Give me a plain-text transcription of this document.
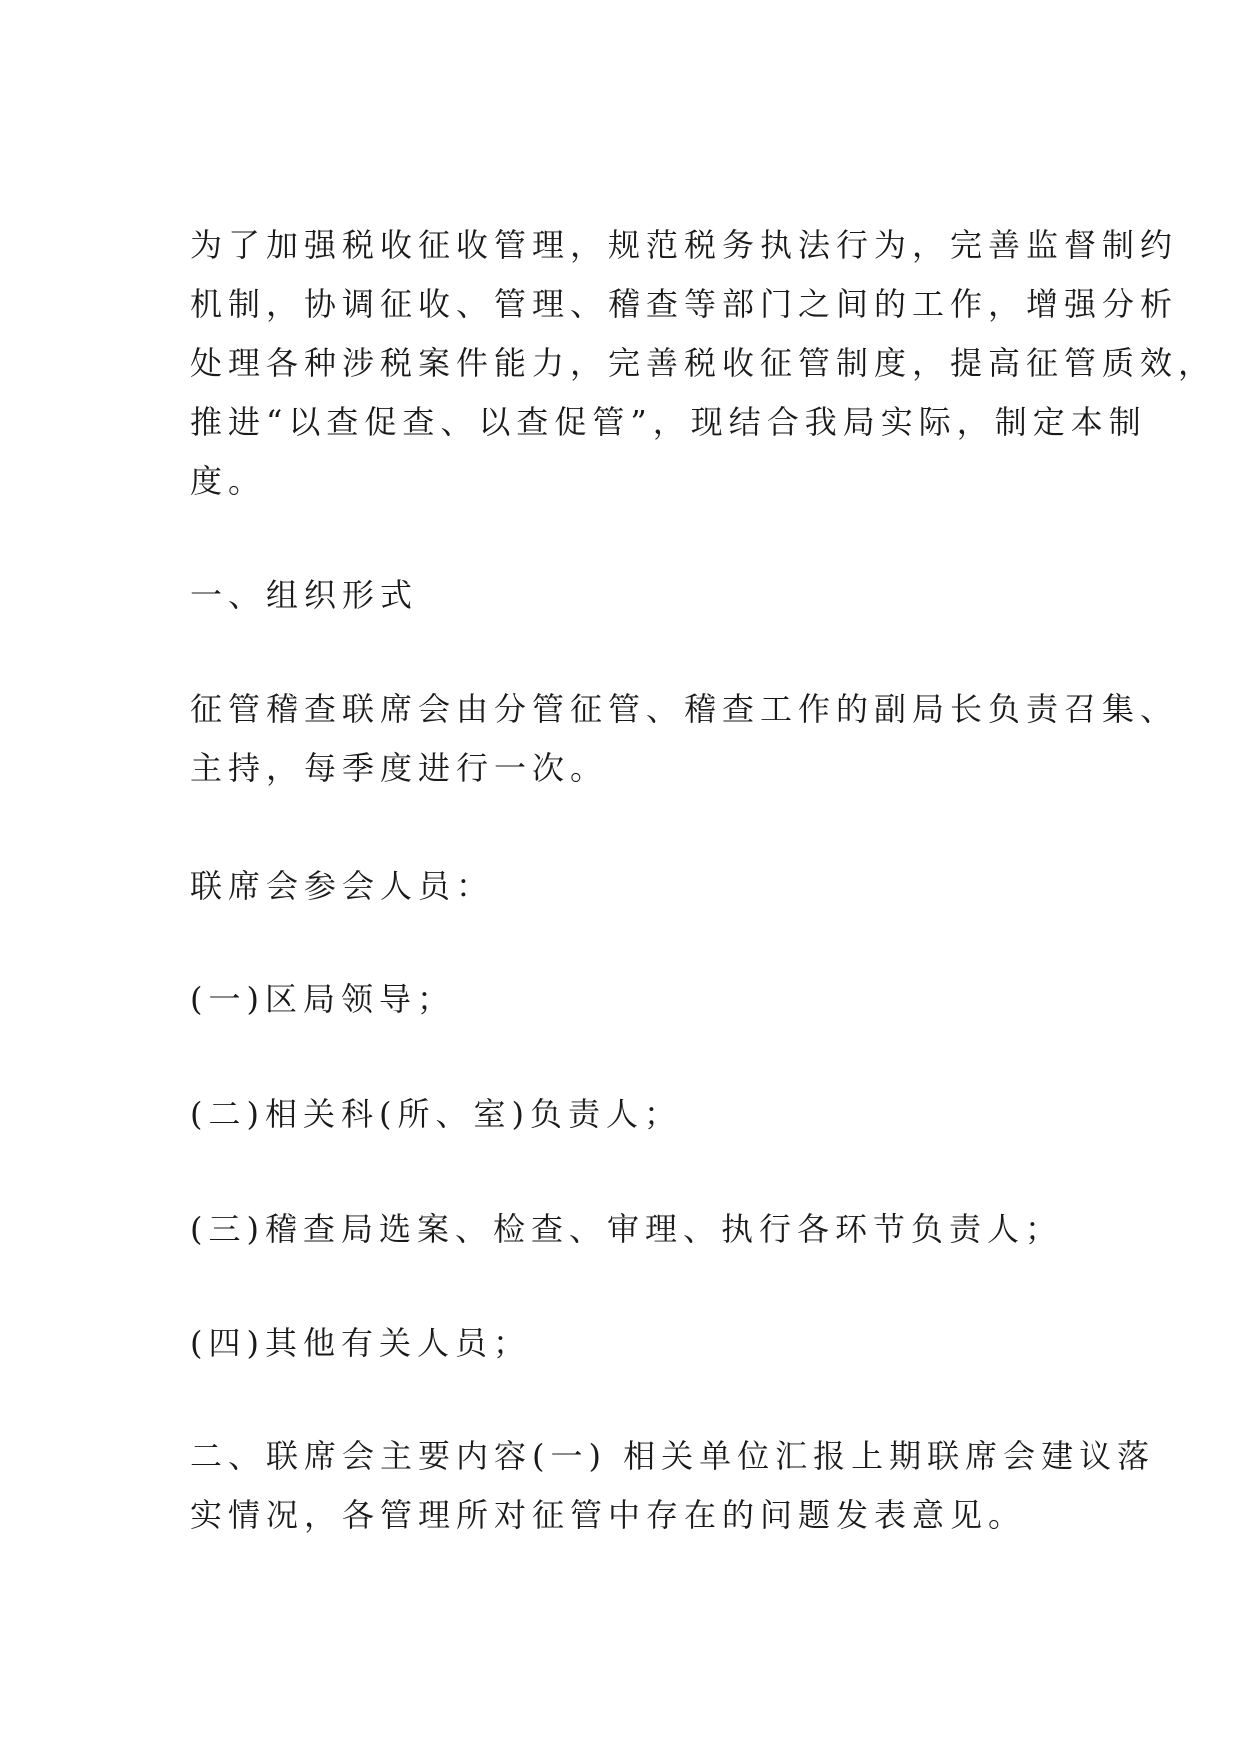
为了加强税收征收管理，规范税务执法行为，完善监督制约
机制，协调征收、管理、稽查等部门之间的工作，增强分析
处理各种涉税案件能力，完善税收征管制度，提高征管质效，
推进“以查促查、以查促管”，现结合我局实际，制定本制
度。

一、组织形式

征管稽查联席会由分管征管、稽查工作的副局长负责召集、
主持，每季度进行一次。

联席会参会人员：

(一)区局领导；

(二)相关科(所、室)负责人；

(三)稽查局选案、检查、审理、执行各环节负责人；

(四)其他有关人员；

二、联席会主要内容(一) 相关单位汇报上期联席会建议落
实情况，各管理所对征管中存在的问题发表意见。
